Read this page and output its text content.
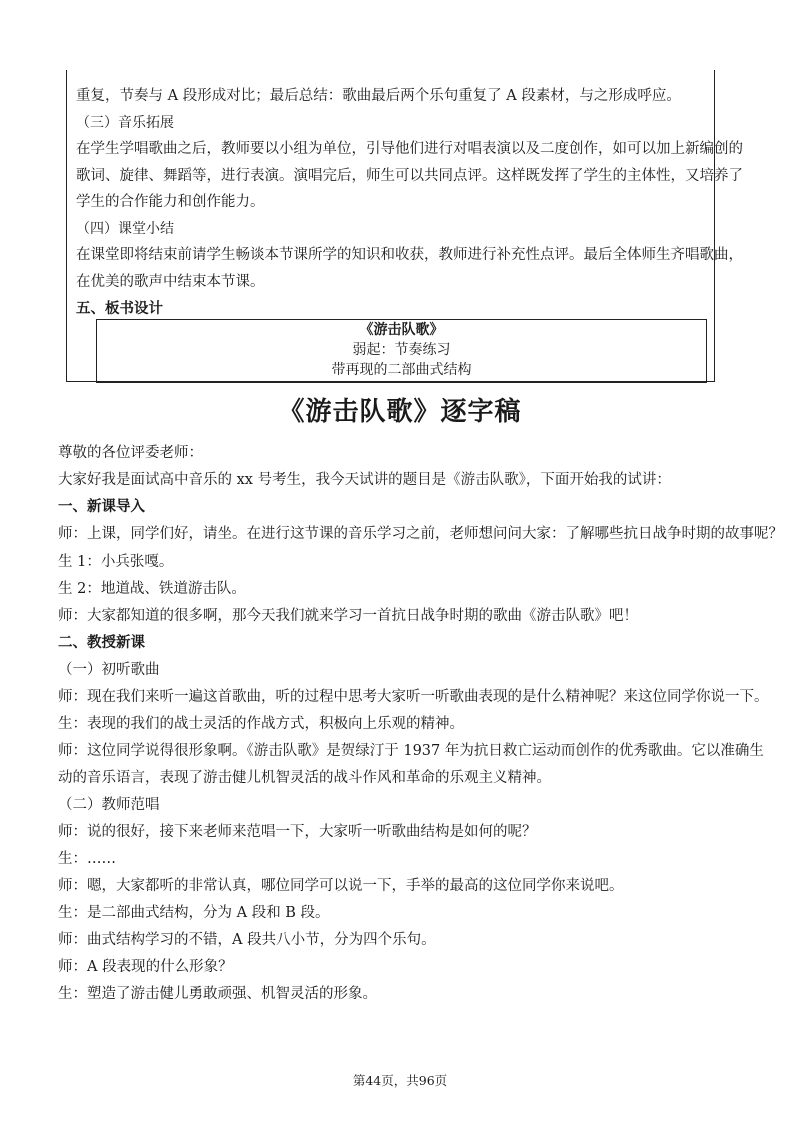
重复，节奏与 A 段形成对比；最后总结：歌曲最后两个乐句重复了 A 段素材，与之形成呼应。
（三）音乐拓展
在学生学唱歌曲之后，教师要以小组为单位，引导他们进行对唱表演以及二度创作，如可以加上新编创的
歌词、旋律、舞蹈等，进行表演。演唱完后，师生可以共同点评。这样既发挥了学生的主体性，又培养了
学生的合作能力和创作能力。
（四）课堂小结
在课堂即将结束前请学生畅谈本节课所学的知识和收获，教师进行补充性点评。最后全体师生齐唱歌曲，
在优美的歌声中结束本节课。
五、板书设计
《游击队歌》
弱起：节奏练习
带再现的二部曲式结构
《游击队歌》逐字稿
尊敬的各位评委老师：
大家好我是面试高中音乐的 xx 号考生，我今天试讲的题目是《游击队歌》，下面开始我的试讲：
一、新课导入
师：上课，同学们好，请坐。在进行这节课的音乐学习之前，老师想问问大家：了解哪些抗日战争时期的故事呢？
生 1：小兵张嘎。
生 2：地道战、铁道游击队。
师：大家都知道的很多啊，那今天我们就来学习一首抗日战争时期的歌曲《游击队歌》吧！
二、教授新课
（一）初听歌曲
师：现在我们来听一遍这首歌曲，听的过程中思考大家听一听歌曲表现的是什么精神呢？来这位同学你说一下。
生：表现的我们的战士灵活的作战方式，积极向上乐观的精神。
师：这位同学说得很形象啊。《游击队歌》是贺绿汀于 1937 年为抗日救亡运动而创作的优秀歌曲。它以准确生
动的音乐语言，表现了游击健儿机智灵活的战斗作风和革命的乐观主义精神。
（二）教师范唱
师：说的很好，接下来老师来范唱一下，大家听一听歌曲结构是如何的呢？
生：……
师：嗯，大家都听的非常认真，哪位同学可以说一下，手举的最高的这位同学你来说吧。
生：是二部曲式结构，分为 A 段和 B 段。
师：曲式结构学习的不错，A 段共八小节，分为四个乐句。
师：A 段表现的什么形象？
生：塑造了游击健儿勇敢顽强、机智灵活的形象。
第44页，共96页
